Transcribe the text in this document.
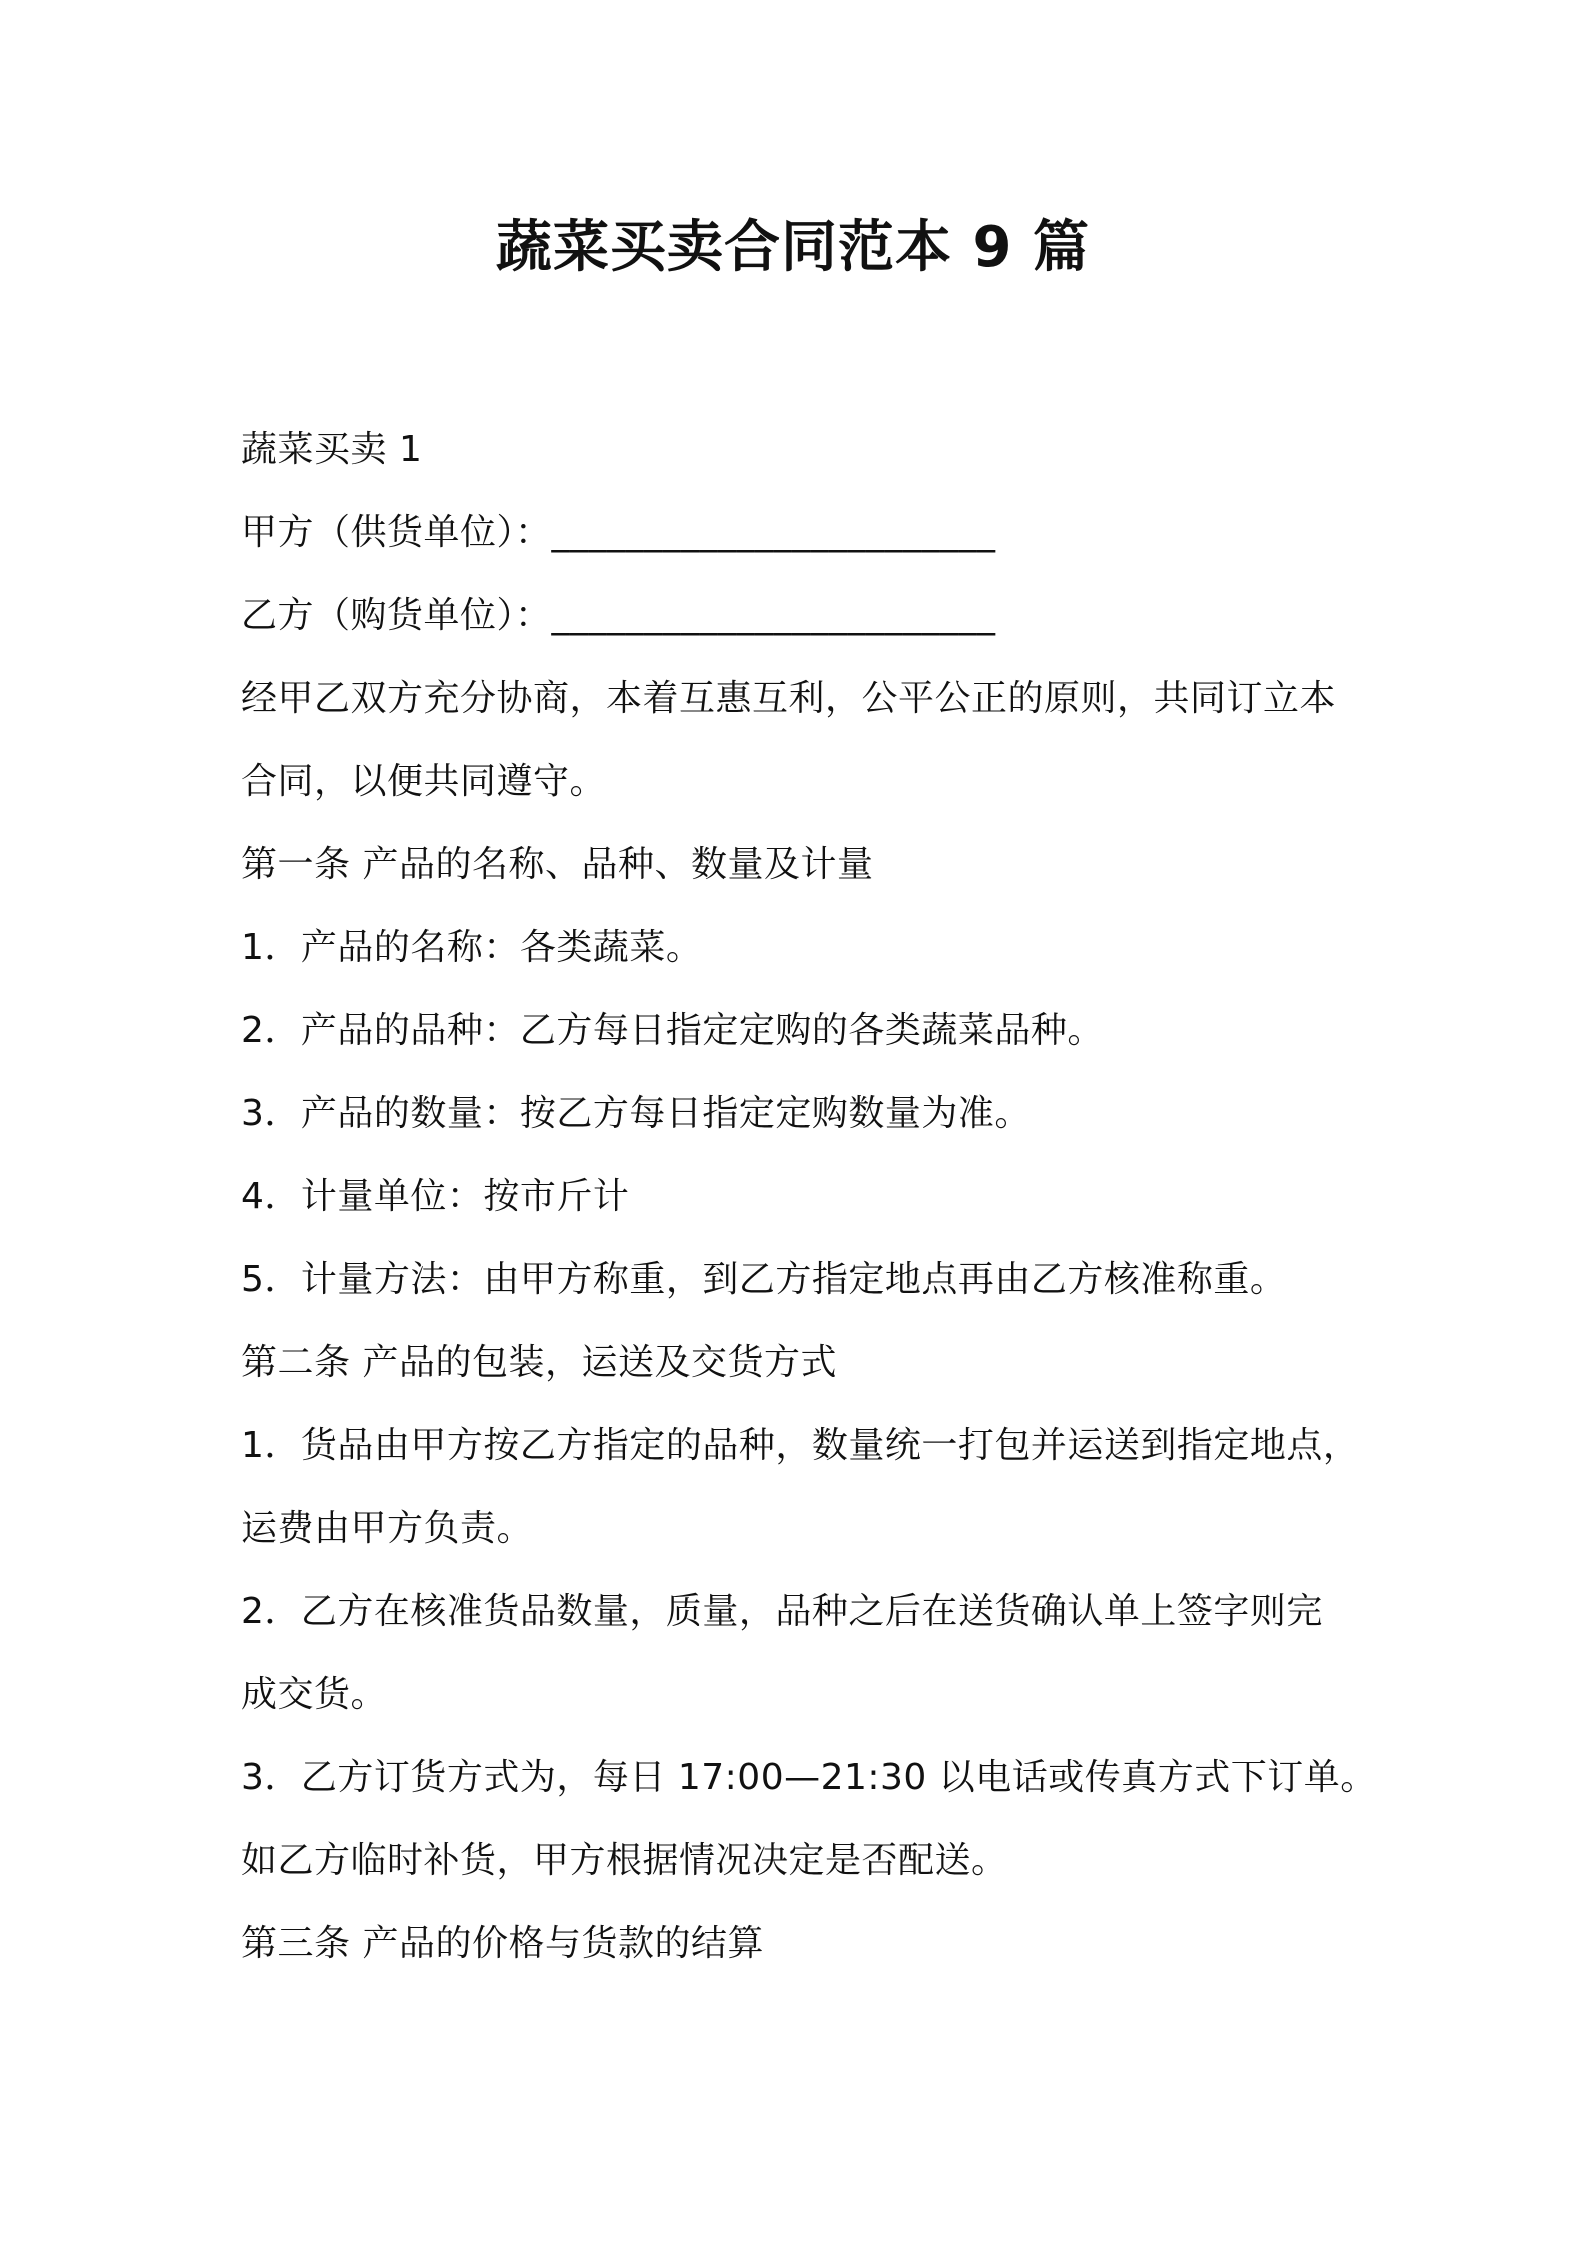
蔬菜买卖合同范本 9 篇
蔬菜买卖 1
甲方（供货单位）：________________________
乙方（购货单位）：________________________
经甲乙双方充分协商，本着互惠互利，公平公正的原则，共同订立本
合同，以便共同遵守。
第一条 产品的名称、品种、数量及计量
1．产品的名称：各类蔬菜。
2．产品的品种：乙方每日指定定购的各类蔬菜品种。
3．产品的数量：按乙方每日指定定购数量为准。
4．计量单位：按市斤计
5．计量方法：由甲方称重，到乙方指定地点再由乙方核准称重。
第二条 产品的包装，运送及交货方式
1．货品由甲方按乙方指定的品种，数量统一打包并运送到指定地点，
运费由甲方负责。
2．乙方在核准货品数量，质量，品种之后在送货确认单上签字则完
成交货。
3．乙方订货方式为，每日 17:00—21:30 以电话或传真方式下订单。
如乙方临时补货，甲方根据情况决定是否配送。
第三条 产品的价格与货款的结算
